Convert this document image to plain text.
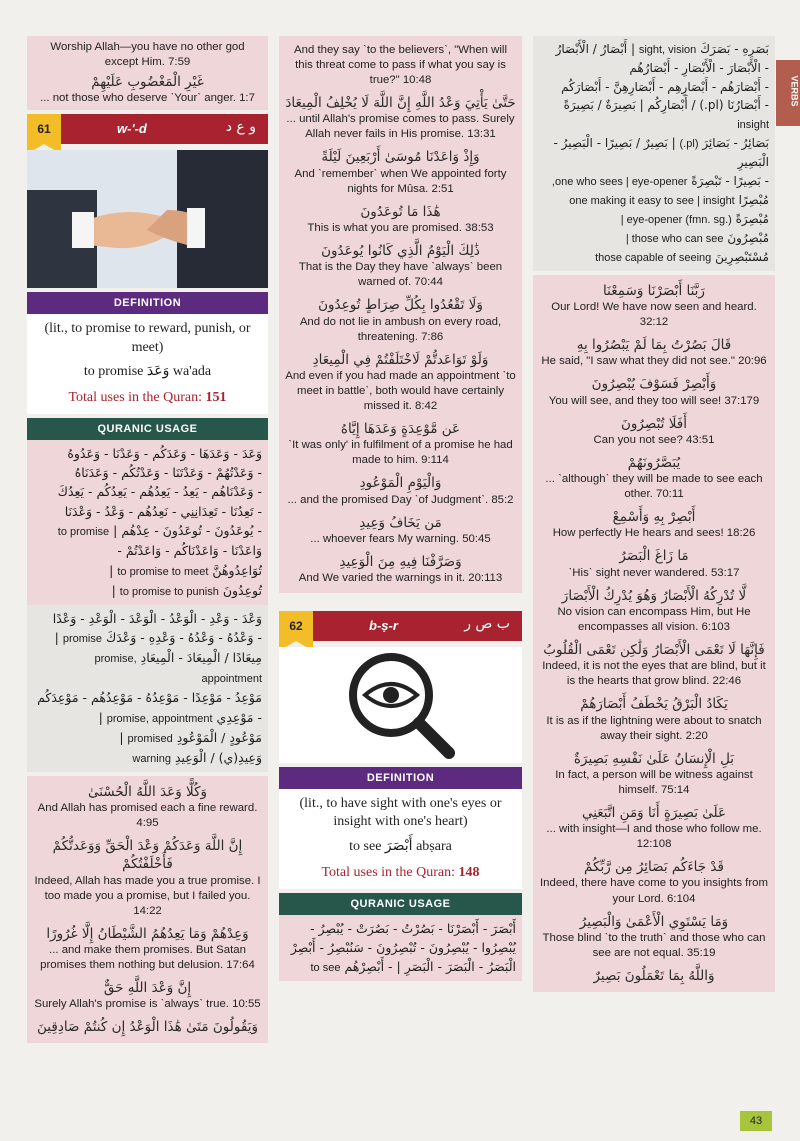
Worship Allah—you have no other god except Him. 7:59
غَيْرِ الْمَغْضُوبِ عَلَيْهِمْ
... not those who deserve ˋYourˋ anger. 1:7
61	w-'-d	و ع د
DEFINITION
(lit., to promise to reward, punish, or meet)
to promise وَعَدَ wa'ada
Total uses in the Quran: 151
QURANIC USAGE
وَعَدَ - وَعَدَهَا - وَعَدَكُم - وَعَدْنَا - وَعَدُوهُ
- وَعَدْتُهُمْ - وَعَدْتَنَا - وَعَدْتُكُم - وَعَدَنَاهُ
- وَعَدْنَاهُم - يَعِدُ - يَعِدُهُم - يَعِدُكُم - يَعِدُكَ
- تَعِدُنَا - تَعِدَانِنِي - نَعِدُهُم - وَعْدُ - وَعْدَنَا
- يُوعَدُونَ - تُوعَدُونَ - عِدْهُم | to promise
وَاعَدْنَا - وَاعَدْنَاكُم - وَاعَدْتُمْ -
تُوَاعِدُوهُنَّ to promise to meet |
تُوعِدُونَ to promise to punish |
وَعْدَ - وَعْدِ - الْوَعْدُ - الْوَعْدَ - الْوَعْدِ - وَعْدًا
- وَعْدُهُ - وَعْدُهُ - وَعْدِهِ - وَعْدَكَ promise |
مِيعَادًا / الْمِيعَادَ - الْمِيعَادِ promise, appointment
مَوْعِدُ - مَوْعِدًا - مَوْعِدُهُ - مَوْعِدُهُم - مَوْعِدَكُم
- مَوْعِدِي promise, appointment |
مَوْعُودٍ / الْمَوْعُودِ promised |
وَعِيدِ(ي) / الْوَعِيدِ warning
وَكُلًّا وَعَدَ اللَّهُ الْحُسْنَىٰ
And Allah has promised each a fine reward. 4:95
إِنَّ اللَّهَ وَعَدَكُمْ وَعْدَ الْحَقِّ وَوَعَدتُّكُمْ فَأَخْلَفْتُكُمْ
Indeed, Allah has made you a true promise. I too made you a promise, but I failed you. 14:22
وَعِدْهُمْ وَمَا يَعِدُهُمُ الشَّيْطَانُ إِلَّا غُرُورًا
... and make them promises. But Satan promises them nothing but delusion. 17:64
إِنَّ وَعْدَ اللَّهِ حَقٌّ
Surely Allah's promise is ˋalwaysˋ true. 10:55
وَيَقُولُونَ مَتَىٰ هَٰذَا الْوَعْدُ إِن كُنتُمْ صَادِقِينَ
And they say ˋto the believersˋ, "When will this threat come to pass if what you say is true?" 10:48
حَتَّىٰ يَأْتِيَ وَعْدُ اللَّهِ إِنَّ اللَّهَ لَا يُخْلِفُ الْمِيعَادَ
... until Allah's promise comes to pass. Surely Allah never fails in His promise. 13:31
وَإِذْ وَاعَدْنَا مُوسَىٰ أَرْبَعِينَ لَيْلَةً
And ˋrememberˋ when We appointed forty nights for Mûsa. 2:51
هَٰذَا مَا تُوعَدُونَ
This is what you are promised. 38:53
ذَٰلِكَ الْيَوْمُ الَّذِي كَانُوا يُوعَدُونَ
That is the Day they have ˋalwaysˋ been warned of. 70:44
وَلَا تَقْعُدُوا بِكُلِّ صِرَاطٍ تُوعِدُونَ
And do not lie in ambush on every road, threatening. 7:86
وَلَوْ تَوَاعَدتُّمْ لَاخْتَلَفْتُمْ فِي الْمِيعَادِ
And even if you had made an appointment ˋto meet in battleˋ, both would have certainly missed it. 8:42
عَن مَّوْعِدَةٍ وَعَدَهَا إِيَّاهُ
ˋIt was only' in fulfilment of a promise he had made to him. 9:114
وَالْيَوْمِ الْمَوْعُودِ
... and the promised Day ˋof Judgmentˋ. 85:2
مَن يَخَافُ وَعِيدِ
... whoever fears My warning. 50:45
وَصَرَّفْنَا فِيهِ مِنَ الْوَعِيدِ
And We varied the warnings in it. 20:113
62	b-ṣ-r	ب ص ر
DEFINITION
(lit., to have sight with one's eyes or insight with one's heart)
to see أَبْصَرَ abṣara
Total uses in the Quran: 148
QURANIC USAGE
أَبْصَرَ - أَبْصَرْنَا - بَصُرْتُ - بَصُرَتْ - يُبْصِرُ -
يُبْصِرُوا - يُبْصِرُونَ - تُبْصِرُونَ - سَنُبْصِرُ - أَبْصِرْ
الْبَصَرُ - الْبَصَرَ - الْبَصَرِ | - أَبْصِرْهُم to see
بَصَرِهِ - بَصَرَكَ sight, vision | أَبْصَارُ / الْأَبْصَارُ
- الْأَبْصَارَ - الْأَبْصَارِ - أَبْصَارُهُم
- أَبْصَارَهُم - أَبْصَارِهِم - أَبْصَارِهِنَّ - أَبْصَارَكُم
- أَبْصَارُنَا (pl.) / أَبْصَارِكُم | بَصِيرَةٌ / بَصِيرَةً insight
بَصَائِرُ - بَصَائِرَ (pl.) | بَصِيرٌ / بَصِيرًا - الْبَصِيرُ - الْبَصِيرِ
- بَصِيرًا - تَبْصِرَةً one who sees | eye-opener,
مُبْصِرًا one making it easy to see | insight
مُبْصِرَةً eye-opener (fmn. sg.) |
مُبْصِرُونَ those who can see |
مُسْتَبْصِرِينَ those capable of seeing
رَبَّنَا أَبْصَرْنَا وَسَمِعْنَا
Our Lord! We have now seen and heard. 32:12
قَالَ بَصُرْتُ بِمَا لَمْ يَبْصُرُوا بِهِ
He said, "I saw what they did not see." 20:96
وَأَبْصِرْ فَسَوْفَ يُبْصِرُونَ
You will see, and they too will see! 37:179
أَفَلَا تُبْصِرُونَ
Can you not see? 43:51
يُبَصَّرُونَهُمْ
... ˋalthoughˋ they will be made to see each other. 70:11
أَبْصِرْ بِهِ وَأَسْمِعْ
How perfectly He hears and sees! 18:26
مَا زَاغَ الْبَصَرُ
ˋHisˋ sight never wandered. 53:17
لَّا تُدْرِكُهُ الْأَبْصَارُ وَهُوَ يُدْرِكُ الْأَبْصَارَ
No vision can encompass Him, but He encompasses all vision. 6:103
فَإِنَّهَا لَا تَعْمَى الْأَبْصَارُ وَلَٰكِن تَعْمَى الْقُلُوبُ
Indeed, it is not the eyes that are blind, but it is the hearts that grow blind. 22:46
يَكَادُ الْبَرْقُ يَخْطَفُ أَبْصَارَهُمْ
It is as if the lightning were about to snatch away their sight. 2:20
بَلِ الْإِنسَانُ عَلَىٰ نَفْسِهِ بَصِيرَةٌ
In fact, a person will be witness against himself. 75:14
عَلَىٰ بَصِيرَةٍ أَنَا وَمَنِ اتَّبَعَنِي
... with insight—I and those who follow me. 12:108
قَدْ جَاءَكُم بَصَائِرُ مِن رَّبِّكُمْ
Indeed, there have come to you insights from your Lord. 6:104
وَمَا يَسْتَوِي الْأَعْمَىٰ وَالْبَصِيرُ
Those blind ˋto the truthˋ and those who can see are not equal. 35:19
وَاللَّهُ بِمَا تَعْمَلُونَ بَصِيرٌ
VERBS
43
